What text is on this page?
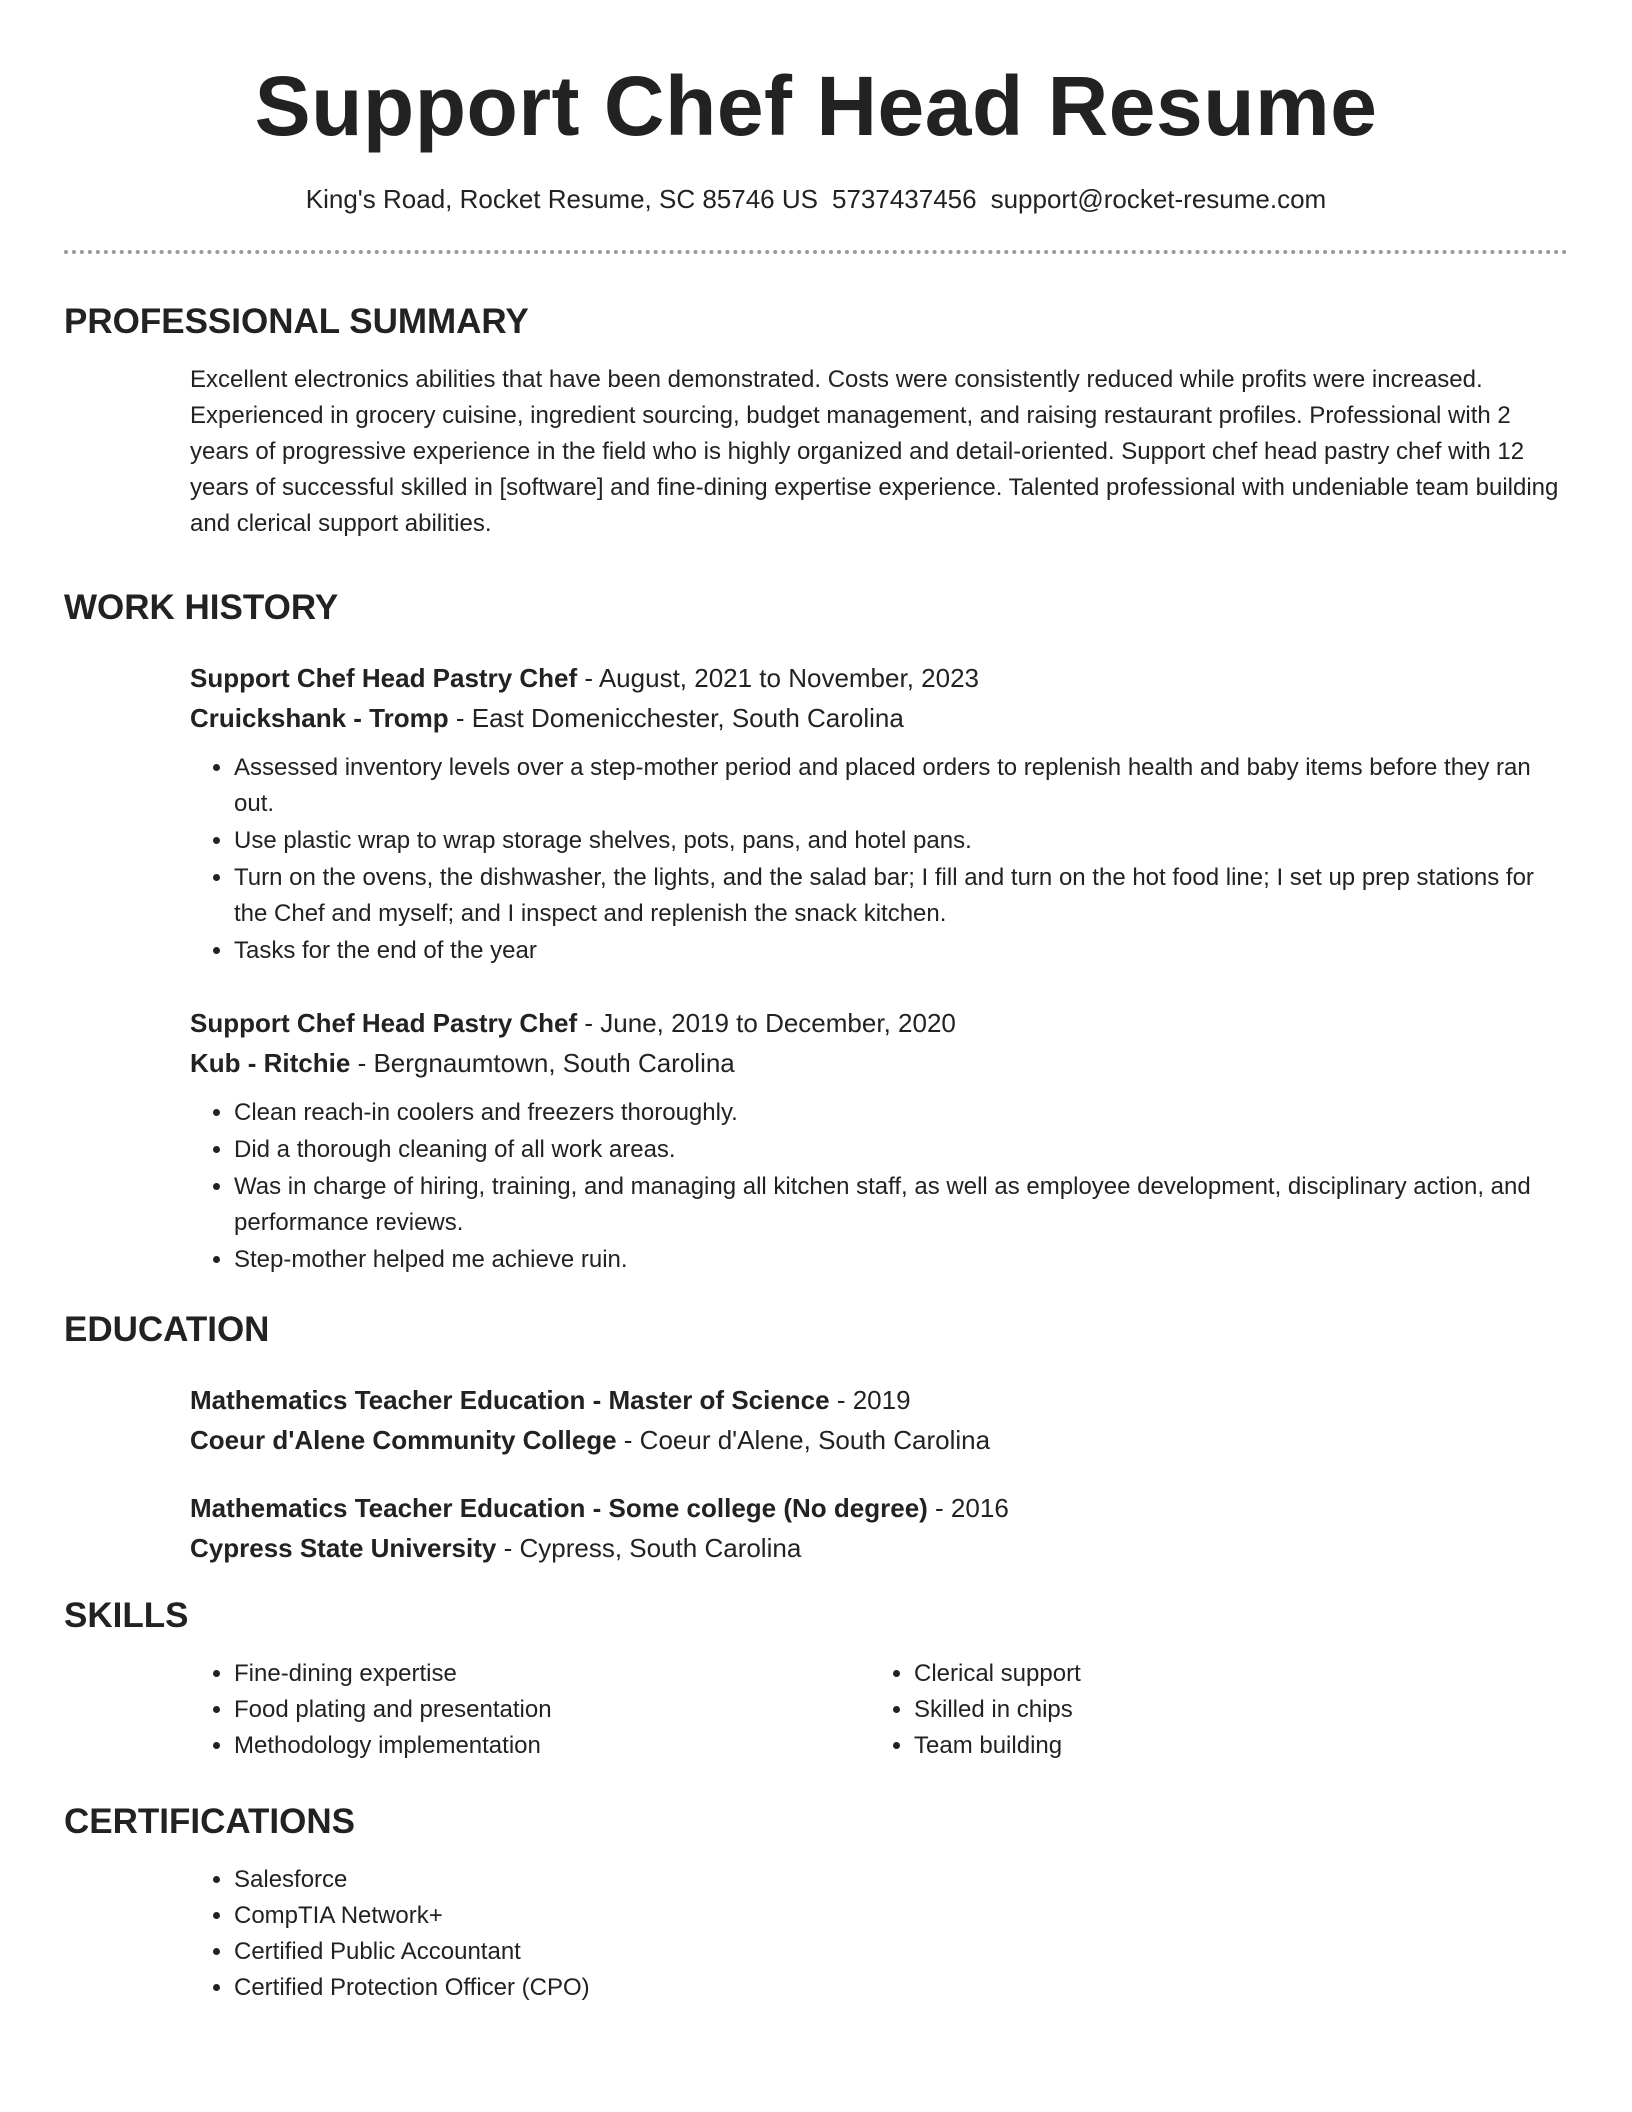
Support Chef Head Resume
King's Road, Rocket Resume, SC 85746 US 5737437456 support@rocket-resume.com
PROFESSIONAL SUMMARY
Excellent electronics abilities that have been demonstrated. Costs were consistently reduced while profits were increased. Experienced in grocery cuisine, ingredient sourcing, budget management, and raising restaurant profiles. Professional with 2 years of progressive experience in the field who is highly organized and detail-oriented. Support chef head pastry chef with 12 years of successful skilled in [software] and fine-dining expertise experience. Talented professional with undeniable team building and clerical support abilities.
WORK HISTORY
Support Chef Head Pastry Chef - August, 2021 to November, 2023
Cruickshank - Tromp - East Domenicchester, South Carolina
• Assessed inventory levels over a step-mother period and placed orders to replenish health and baby items before they ran out.
• Use plastic wrap to wrap storage shelves, pots, pans, and hotel pans.
• Turn on the ovens, the dishwasher, the lights, and the salad bar; I fill and turn on the hot food line; I set up prep stations for the Chef and myself; and I inspect and replenish the snack kitchen.
• Tasks for the end of the year
Support Chef Head Pastry Chef - June, 2019 to December, 2020
Kub - Ritchie - Bergnaumtown, South Carolina
• Clean reach-in coolers and freezers thoroughly.
• Did a thorough cleaning of all work areas.
• Was in charge of hiring, training, and managing all kitchen staff, as well as employee development, disciplinary action, and performance reviews.
• Step-mother helped me achieve ruin.
EDUCATION
Mathematics Teacher Education - Master of Science - 2019
Coeur d'Alene Community College - Coeur d'Alene, South Carolina
Mathematics Teacher Education - Some college (No degree) - 2016
Cypress State University - Cypress, South Carolina
SKILLS
• Fine-dining expertise
• Food plating and presentation
• Methodology implementation
• Clerical support
• Skilled in chips
• Team building
CERTIFICATIONS
• Salesforce
• CompTIA Network+
• Certified Public Accountant
• Certified Protection Officer (CPO)
